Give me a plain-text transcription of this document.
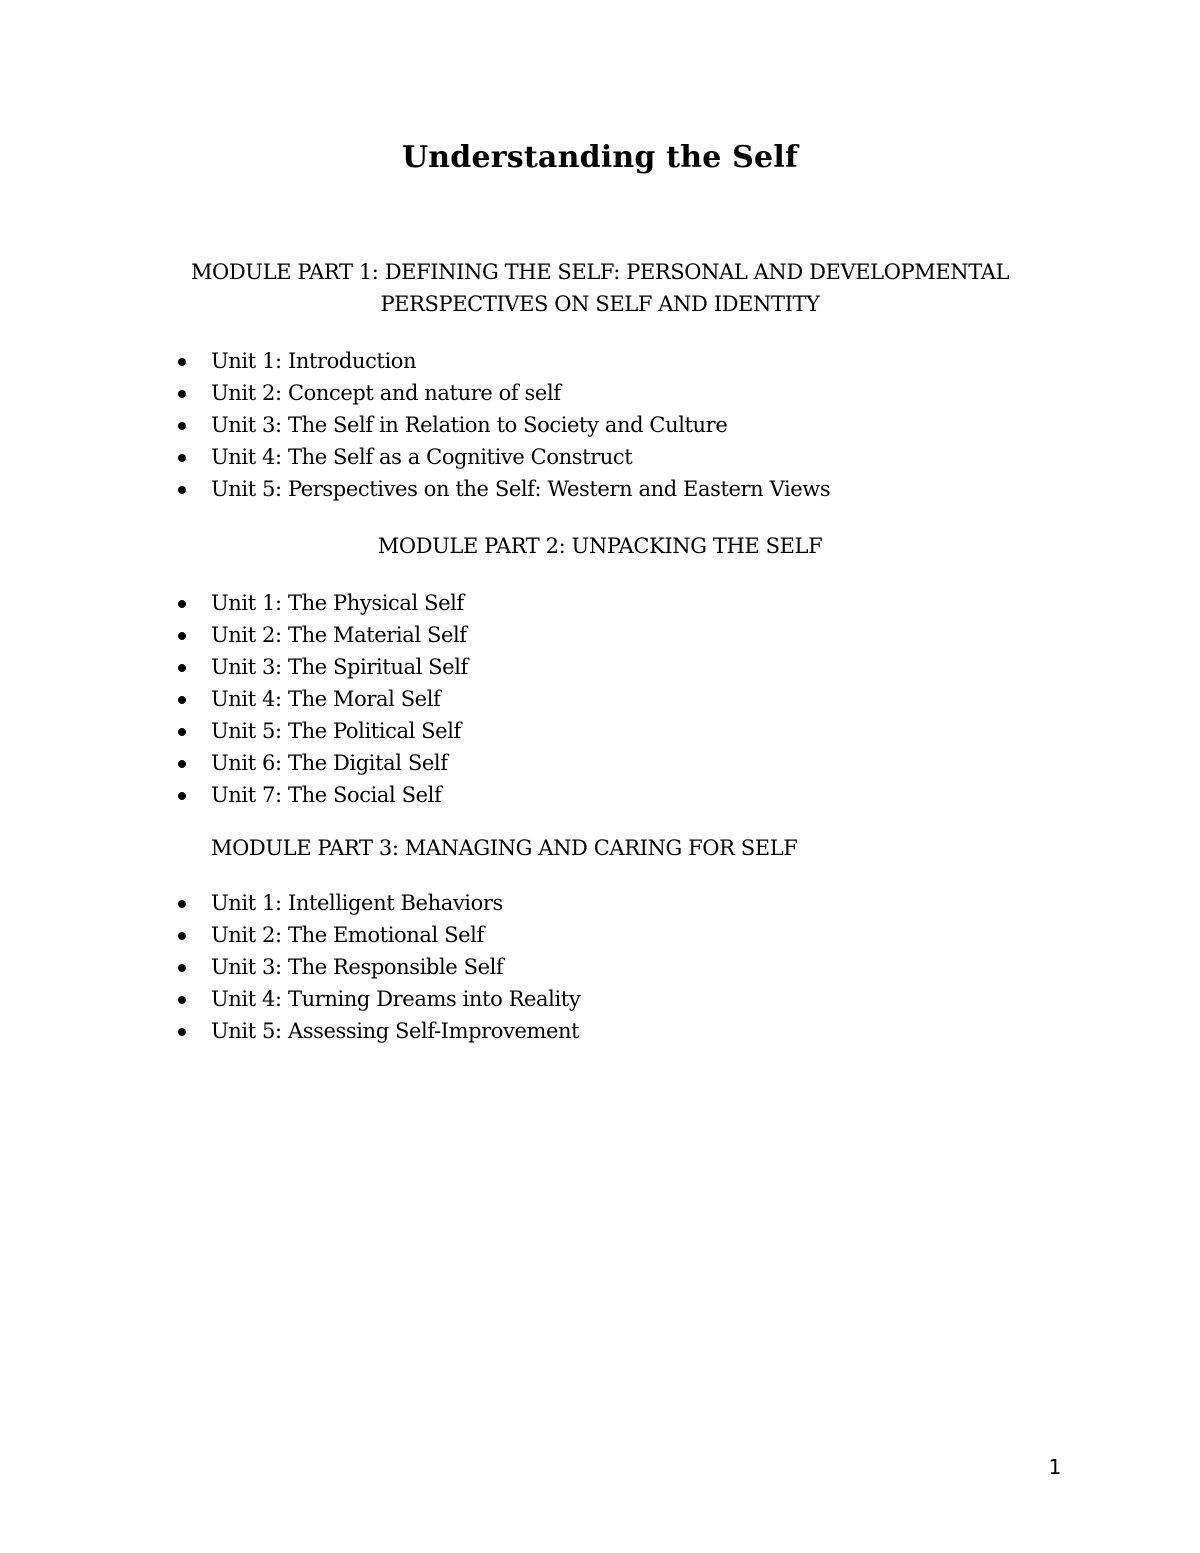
Understanding the Self
MODULE PART 1: DEFINING THE SELF: PERSONAL AND DEVELOPMENTAL
PERSPECTIVES ON SELF AND IDENTITY
Unit 1: Introduction
Unit 2: Concept and nature of self
Unit 3: The Self in Relation to Society and Culture
Unit 4: The Self as a Cognitive Construct
Unit 5: Perspectives on the Self: Western and Eastern Views
MODULE PART 2: UNPACKING THE SELF
Unit 1: The Physical Self
Unit 2: The Material Self
Unit 3: The Spiritual Self
Unit 4: The Moral Self
Unit 5: The Political Self
Unit 6: The Digital Self
Unit 7: The Social Self
MODULE PART 3: MANAGING AND CARING FOR SELF
Unit 1: Intelligent Behaviors
Unit 2: The Emotional Self
Unit 3: The Responsible Self
Unit 4: Turning Dreams into Reality
Unit 5: Assessing Self-Improvement
1
